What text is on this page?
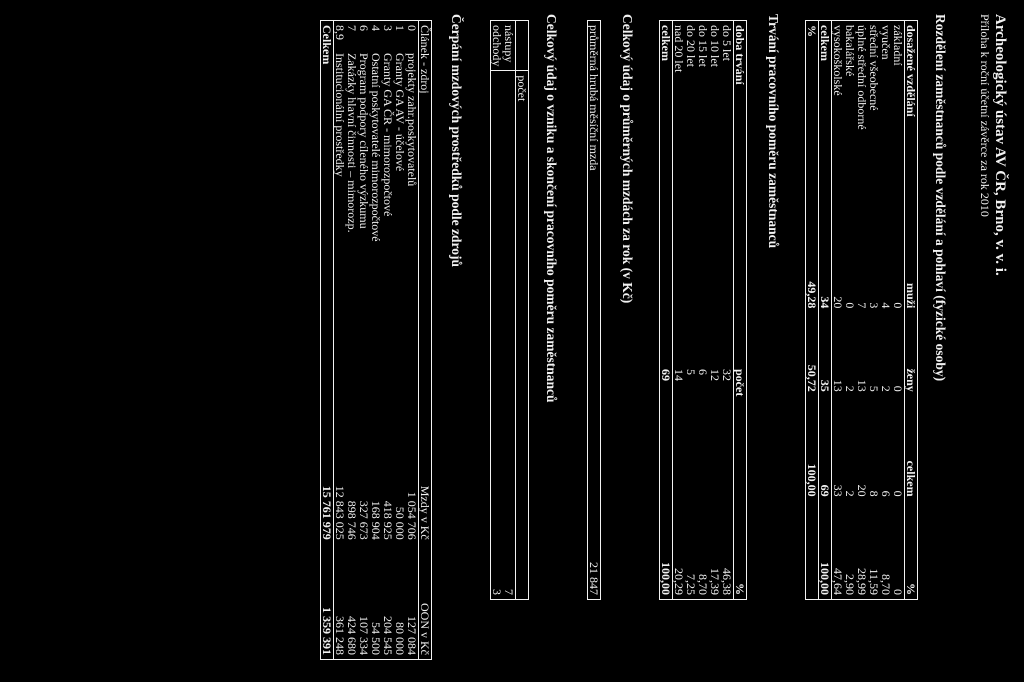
Archeologický ústav AV ČR, Brno, v. v. i.
Příloha k roční účetní závěrce za rok 2010
Rozdělení zaměstnanců podle vzdělání a pohlaví (fyzické osoby)
dosažené vzdělání	muži	ženy	celkem	%
základní	0	0	0	0
vyučen	4	2	6	8,70
střední všeobecné	3	5	8	11,59
úplné střední odborné	7	13	20	28,99
bakalářské	0	2	2	2,90
vysokoškolské	20	13	33	47,64
celkem	34	35	69	100,00
%	49,28	50,72	100,00	
Trvání pracovního poměru zaměstnanců
doba trvání	počet	%
do 5 let	32	46,38
do 10 let	12	17,39
do 15 let	6	8,70
do 20 let	5	7,25
nad 20 let	14	20,29
celkem	69	100,00
Celkový údaj o průměrných mzdách za rok (v Kč)
průměrná hrubá měsíční mzda	21 847
Celkový údaj o vzniku a skončení pracovního poměru zaměstnanců
	počet
nástupy	7
odchody	3
Čerpání mzdových prostředků podle zdrojů
Článek - zdroj		Mzdy v Kč	OON v Kč
0	projekty zahr.poskytovatelů	1 054 706	127 084
1	Granty GA AV - účelové	50 000	80 000
3	Granty GA ČR - mimorozpočtové	418 925	204 545
4	Ostatní poskytovatelé mimorozpočtové	168 904	54 500
6	Program podpory cíleného výzkumu	327 673	107 334
7	Zakázky hlavní činnosti – mimorozp.	898 746	424 680
8,9	Institucionální prostředky	12 843 025	361 248
Celkem		15 761 979	1 359 391
